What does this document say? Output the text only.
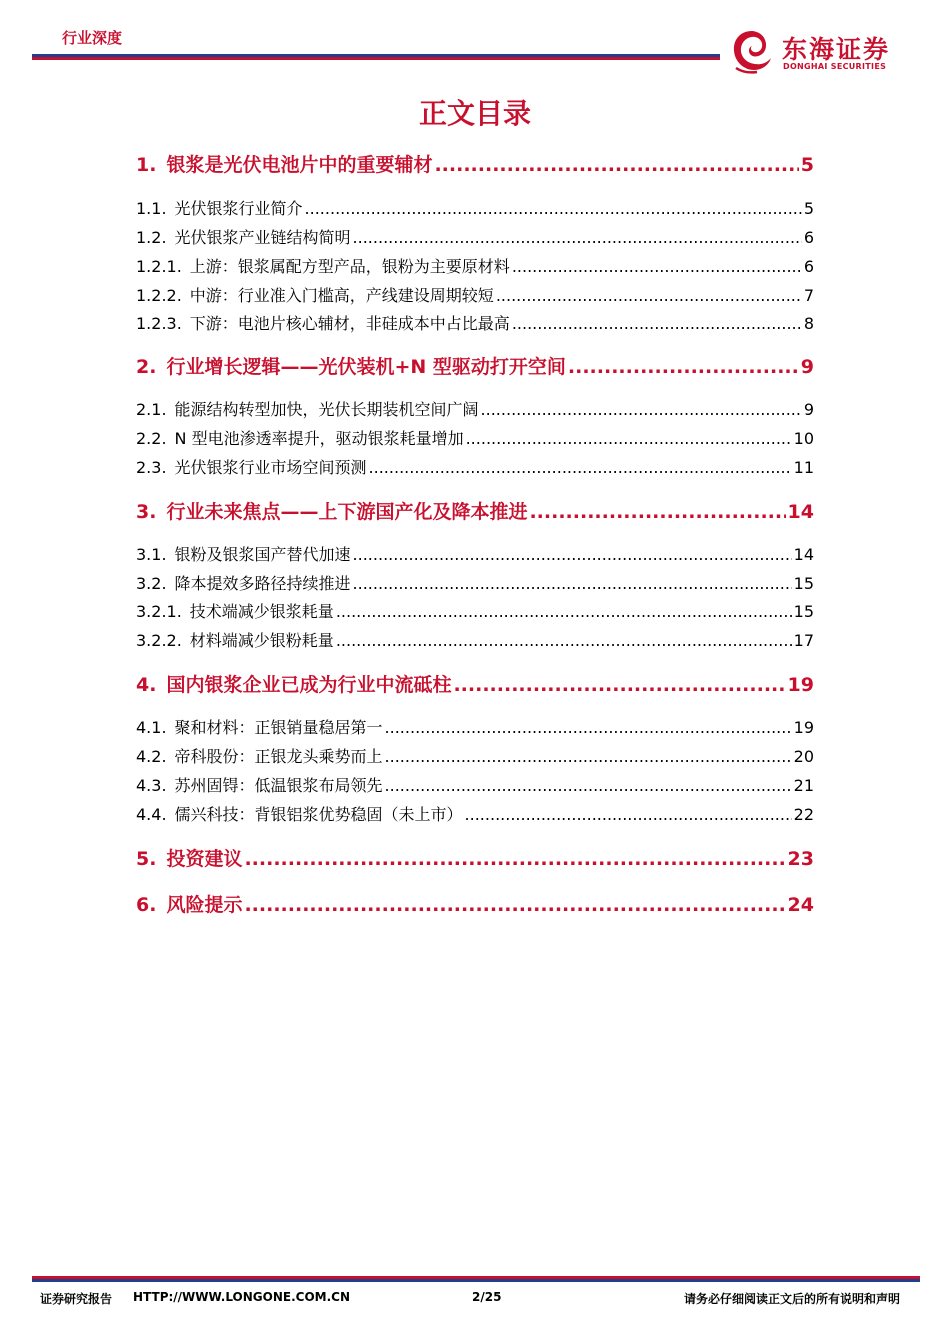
行业深度	东海证券
DONGHAI SECURITIES
正文目录
1. 银浆是光伏电池片中的重要辅材 .....	5
1.1. 光伏银浆行业简介 .....	5
1.2. 光伏银浆产业链结构简明 .....	6
1.2.1. 上游：银浆属配方型产品，银粉为主要原材料 .....	6
1.2.2. 中游：行业准入门槛高，产线建设周期较短 .....	7
1.2.3. 下游：电池片核心辅材，非硅成本中占比最高 .....	8
2. 行业增长逻辑——光伏装机+N 型驱动打开空间 .....	9
2.1. 能源结构转型加快，光伏长期装机空间广阔 .....	9
2.2. N 型电池渗透率提升，驱动银浆耗量增加 .....	10
2.3. 光伏银浆行业市场空间预测 .....	11
3. 行业未来焦点——上下游国产化及降本推进 .....	14
3.1. 银粉及银浆国产替代加速 .....	14
3.2. 降本提效多路径持续推进 .....	15
3.2.1. 技术端减少银浆耗量 .....	15
3.2.2. 材料端减少银粉耗量 .....	17
4. 国内银浆企业已成为行业中流砥柱 .....	19
4.1. 聚和材料：正银销量稳居第一 .....	19
4.2. 帝科股份：正银龙头乘势而上 .....	20
4.3. 苏州固锝：低温银浆布局领先 .....	21
4.4. 儒兴科技：背银铝浆优势稳固（未上市） .....	22
5. 投资建议 .....	23
6. 风险提示 .....	24
证券研究报告 HTTP://WWW.LONGONE.COM.CN	2/25	请务必仔细阅读正文后的所有说明和声明
